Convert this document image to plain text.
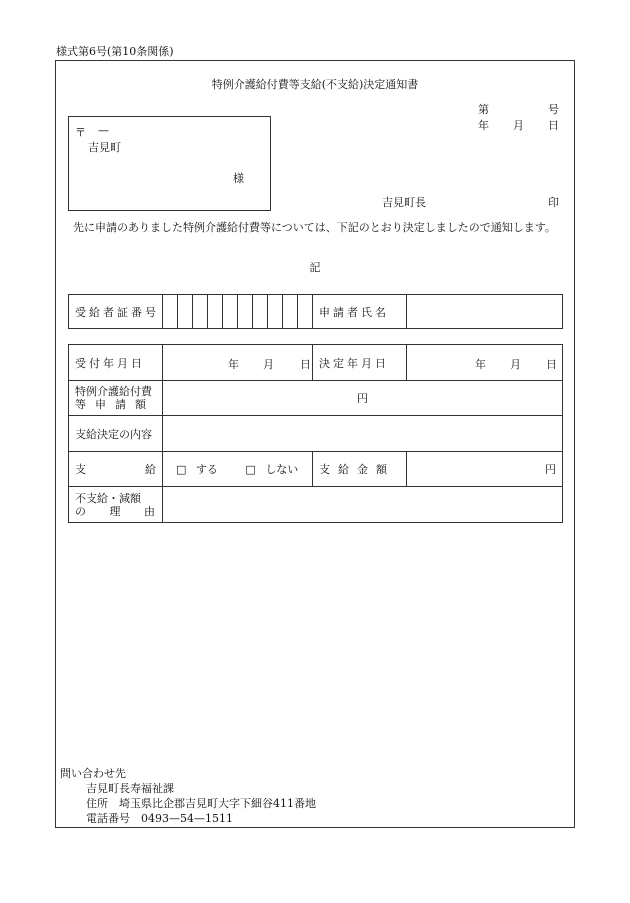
様式第6号(第10条関係)
特例介護給付費等支給(不支給)決定通知書
第	号
年 月 日
〒 —
吉見町
様
吉見町長	印
先に申請のありました特例介護給付費等については、下記のとおり決定しましたので通知します。
記
受給者証番号											申請者氏名	
受付年月日	年 月 日	決定年月日	年 月 日

特例介護給付費
等申請額	円		
支給決定の内容			
支 給	□ する □ しない	支給金額	円

不支給・減額
の 理 由			

問い合わせ先
吉見町長寿福祉課
住所　埼玉県比企郡吉見町大字下細谷411番地
電話番号　0493—54—1511
